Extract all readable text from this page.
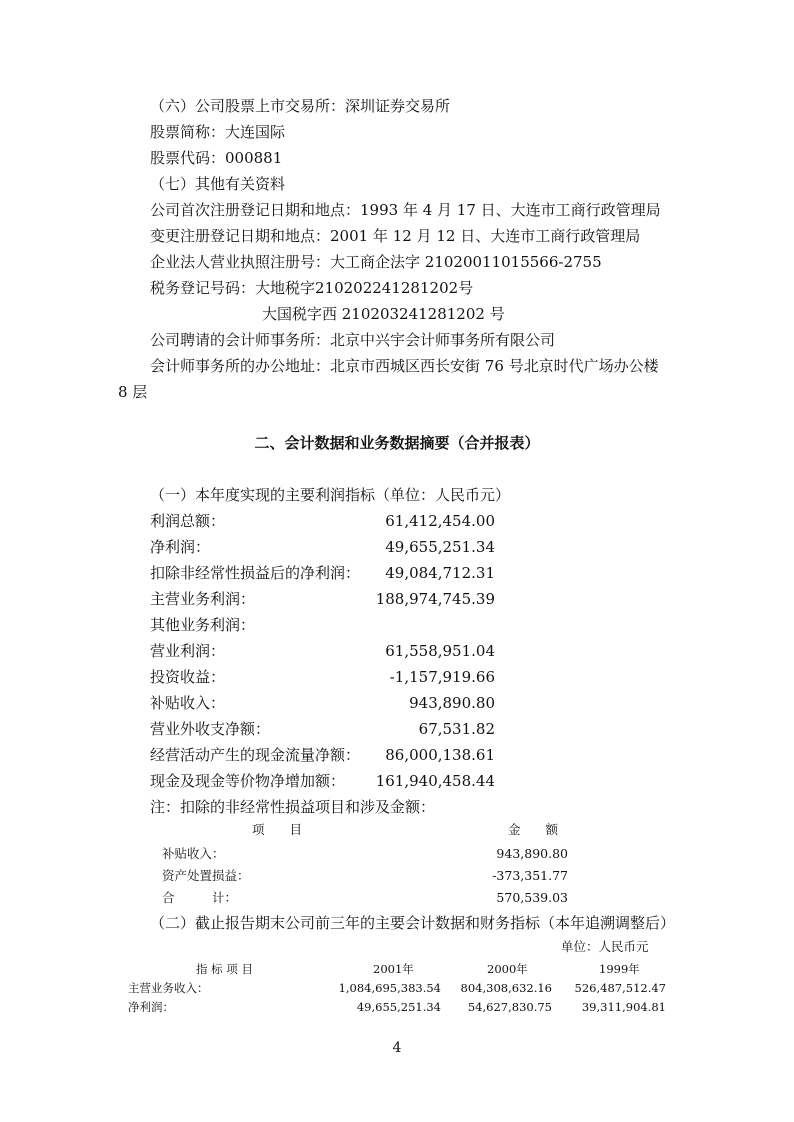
（六）公司股票上市交易所：深圳证券交易所
股票简称：大连国际
股票代码：000881
（七）其他有关资料
公司首次注册登记日期和地点：1993 年 4 月 17 日、大连市工商行政管理局
变更注册登记日期和地点：2001 年 12 月 12 日、大连市工商行政管理局
企业法人营业执照注册号：大工商企法字 21020011015566-2755
税务登记号码：大地税字210202241281202号
大国税字西 210203241281202 号
公司聘请的会计师事务所：北京中兴宇会计师事务所有限公司
会计师事务所的办公地址：北京市西城区西长安街 76 号北京时代广场办公楼
8 层
二、会计数据和业务数据摘要（合并报表）
（一）本年度实现的主要利润指标（单位：人民币元）
利润总额：	61,412,454.00
净利润：	49,655,251.34
扣除非经常性损益后的净利润： 49,084,712.31
主营业务利润：	188,974,745.39
其他业务利润：
营业利润：	61,558,951.04
投资收益：	-1,157,919.66
补贴收入：	943,890.80
营业外收支净额：	67,531.82
经营活动产生的现金流量净额： 86,000,138.61
现金及现金等价物净增加额： 161,940,458.44
注：扣除的非经常性损益项目和涉及金额：
项　　目	金　　额
补贴收入：	943,890.80
资产处置损益：	-373,351.77
合　　　计：	570,539.03
（二）截止报告期末公司前三年的主要会计数据和财务指标（本年追溯调整后）
单位：人民币元
指 标 项 目	2001年	2000年	1999年
主营业务收入：	1,084,695,383.54 804,308,632.16 526,487,512.47
净利润：	49,655,251.34 54,627,830.75	39,311,904.81
4
